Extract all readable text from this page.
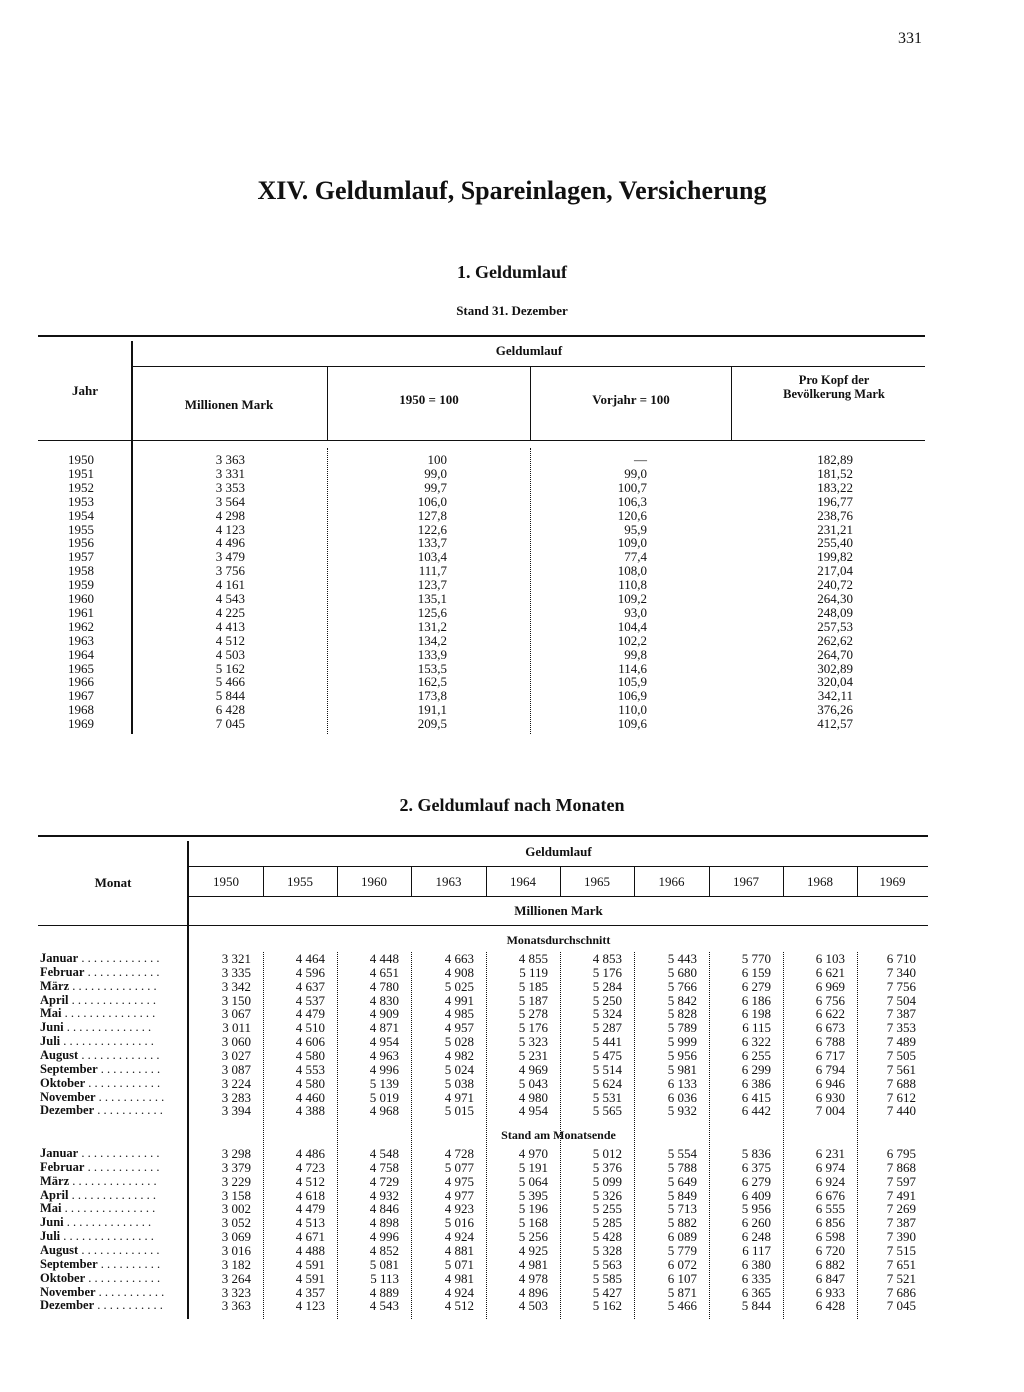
331
XIV. Geldumlauf, Spareinlagen, Versicherung
1. Geldumlauf
Stand 31. Dezember
Jahr
Geldumlauf
Millionen Mark	1950 = 100	Vorjahr = 100
Pro Kopf der Bevölkerung Mark
1950	3 363	100	—	182,89
1951	3 331	99,0	99,0	181,52
1952	3 353	99,7	100,7	183,22
1953	3 564	106,0	106,3	196,77
1954	4 298	127,8	120,6	238,76
1955	4 123	122,6	95,9	231,21
1956	4 496	133,7	109,0	255,40
1957	3 479	103,4	77,4	199,82
1958	3 756	111,7	108,0	217,04
1959	4 161	123,7	110,8	240,72
1960	4 543	135,1	109,2	264,30
1961	4 225	125,6	93,0	248,09
1962	4 413	131,2	104,4	257,53
1963	4 512	134,2	102,2	262,62
1964	4 503	133,9	99,8	264,70
1965	5 162	153,5	114,6	302,89
1966	5 466	162,5	105,9	320,04
1967	5 844	173,8	106,9	342,11
1968	6 428	191,1	110,0	376,26
1969	7 045	209,5	109,6	412,57
2. Geldumlauf nach Monaten
Monat
Geldumlauf
Millionen Mark
1950	1955	1960	1963	1964	1965	1966	1967	1968	1969
Monatsdurchschnitt
Januar . . . . . . . . . . . . .	3 321	4 464	4 448	4 663	4 855	4 853	5 443	5 770	6 103	6 710
Februar . . . . . . . . . . . .	3 335	4 596	4 651	4 908	5 119	5 176	5 680	6 159	6 621	7 340
März . . . . . . . . . . . . . .	3 342	4 637	4 780	5 025	5 185	5 284	5 766	6 279	6 969	7 756
April . . . . . . . . . . . . . .	3 150	4 537	4 830	4 991	5 187	5 250	5 842	6 186	6 756	7 504
Mai . . . . . . . . . . . . . . .	3 067	4 479	4 909	4 985	5 278	5 324	5 828	6 198	6 622	7 387
Juni . . . . . . . . . . . . . .	3 011	4 510	4 871	4 957	5 176	5 287	5 789	6 115	6 673	7 353
Juli . . . . . . . . . . . . . . .	3 060	4 606	4 954	5 028	5 323	5 441	5 999	6 322	6 788	7 489
August . . . . . . . . . . . . .	3 027	4 580	4 963	4 982	5 231	5 475	5 956	6 255	6 717	7 505
September . . . . . . . . . .	3 087	4 553	4 996	5 024	4 969	5 514	5 981	6 299	6 794	7 561
Oktober . . . . . . . . . . . .	3 224	4 580	5 139	5 038	5 043	5 624	6 133	6 386	6 946	7 688
November . . . . . . . . . . .	3 283	4 460	5 019	4 971	4 980	5 531	6 036	6 415	6 930	7 612
Dezember . . . . . . . . . . .	3 394	4 388	4 968	5 015	4 954	5 565	5 932	6 442	7 004	7 440
Stand am Monatsende
Januar . . . . . . . . . . . . .	3 298	4 486	4 548	4 728	4 970	5 012	5 554	5 836	6 231	6 795
Februar . . . . . . . . . . . .	3 379	4 723	4 758	5 077	5 191	5 376	5 788	6 375	6 974	7 868
März . . . . . . . . . . . . . .	3 229	4 512	4 729	4 975	5 064	5 099	5 649	6 279	6 924	7 597
April . . . . . . . . . . . . . .	3 158	4 618	4 932	4 977	5 395	5 326	5 849	6 409	6 676	7 491
Mai . . . . . . . . . . . . . . .	3 002	4 479	4 846	4 923	5 196	5 255	5 713	5 956	6 555	7 269
Juni . . . . . . . . . . . . . .	3 052	4 513	4 898	5 016	5 168	5 285	5 882	6 260	6 856	7 387
Juli . . . . . . . . . . . . . . .	3 069	4 671	4 996	4 924	5 256	5 428	6 089	6 248	6 598	7 390
August . . . . . . . . . . . . .	3 016	4 488	4 852	4 881	4 925	5 328	5 779	6 117	6 720	7 515
September . . . . . . . . . .	3 182	4 591	5 081	5 071	4 981	5 563	6 072	6 380	6 882	7 651
Oktober . . . . . . . . . . . .	3 264	4 591	5 113	4 981	4 978	5 585	6 107	6 335	6 847	7 521
November . . . . . . . . . . .	3 323	4 357	4 889	4 924	4 896	5 427	5 871	6 365	6 933	7 686
Dezember . . . . . . . . . . .	3 363	4 123	4 543	4 512	4 503	5 162	5 466	5 844	6 428	7 045
